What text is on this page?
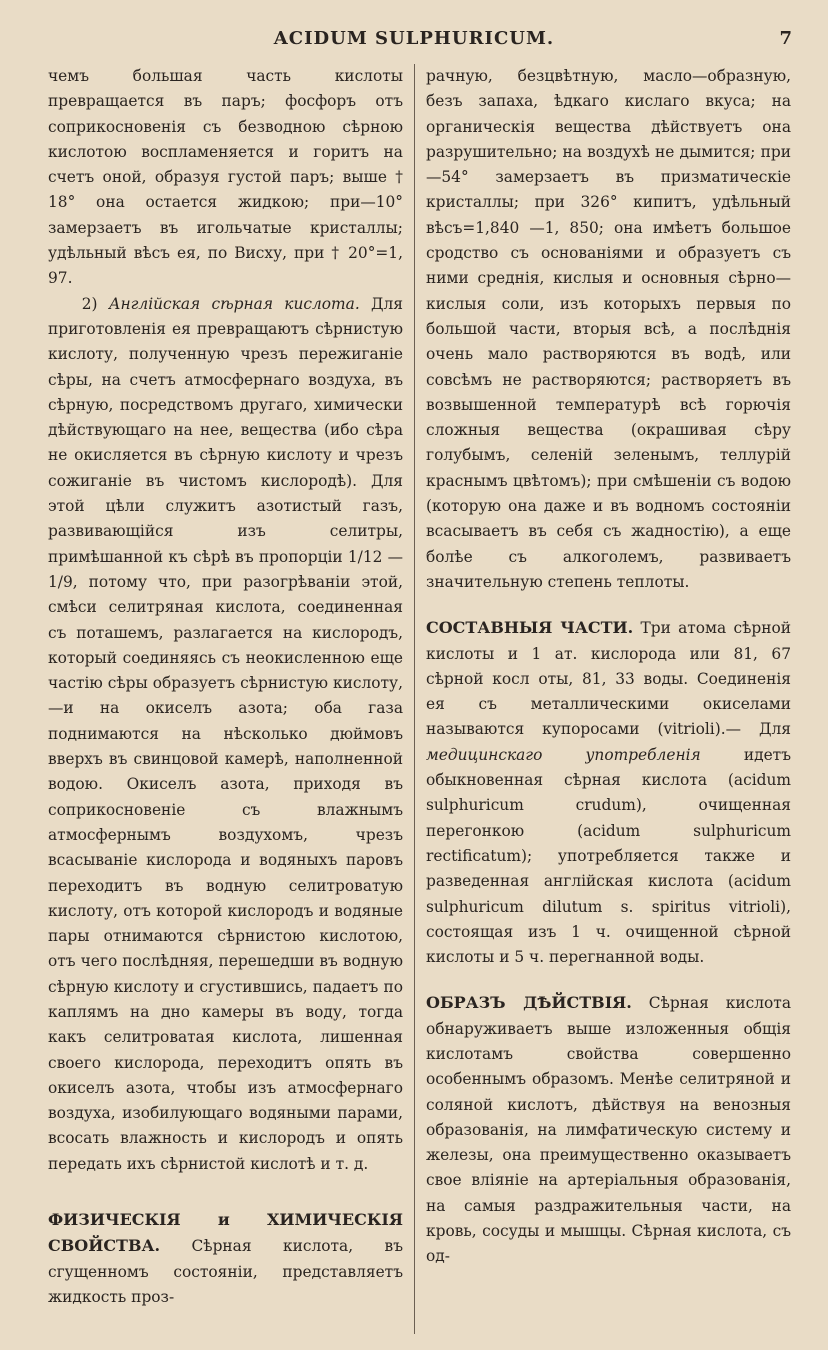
ACIDUM SULPHURICUM.	7

чемъ большая часть кислоты превращается въ паръ; фосфоръ отъ соприкосновенія съ безводною сѣрною кислотою воспламеняется и горитъ на счетъ оной, образуя густой паръ; выше † 18° она остается жидкою; при—10° замерзаетъ въ игольчатые кристаллы; удѣльный вѣсъ ея, по Висху, при † 20°=1, 97.

2) Англійская сѣрная кислота. Для приготовленія ея превращаютъ сѣрнистую кислоту, полученную чрезъ пережиганіе сѣры, на счетъ атмосфернаго воздуха, въ сѣрную, посредствомъ другаго, химически дѣйствующаго на нее, вещества (ибо сѣра не окисляется въ сѣрную кислоту и чрезъ сожиганіе въ чистомъ кислородѣ). Для этой цѣли служитъ азотистый газъ, развивающійся изъ селитры, примѣшанной къ сѣрѣ въ пропорціи 1/12 — 1/9, потому что, при разогрѣваніи этой, смѣси селитряная кислота, соединенная съ поташемъ, разлагается на кислородъ, который соединяясь съ неокисленною еще частію сѣры образуетъ сѣрнистую кислоту,—и на окиселъ азота; оба газа поднимаются на нѣсколько дюймовъ вверхъ въ свинцовой камерѣ, наполненной водою. Окиселъ азота, приходя въ соприкосновеніе съ влажнымъ атмосфернымъ воздухомъ, чрезъ всасываніе кислорода и водяныхъ паровъ переходитъ въ водную селитроватую кислоту, отъ которой кислородъ и водяные пары отнимаются сѣрнистою кислотою, отъ чего послѣдняя, перешедши въ водную сѣрную кислоту и сгустившись, падаетъ по каплямъ на дно камеры въ воду, тогда какъ селитроватая кислота, лишенная своего кислорода, переходитъ опять въ окиселъ азота, чтобы изъ атмосфернаго воздуха, изобилующаго водяными парами, всосать влажность и кислородъ и опять передать ихъ сѣрнистой кислотѣ и т. д.

ФИЗИЧЕСКІЯ и ХИМИЧЕСКІЯ СВОЙСТВА. Сѣрная кислота, въ сгущенномъ состояніи, представляетъ жидкость проз-

рачную, безцвѣтную, масло—образную, безъ запаха, ѣдкаго кислаго вкуса; на органическія вещества дѣйствуетъ она разрушительно; на воздухѣ не дымится; при—54° замерзаетъ въ призматическіе кристаллы; при 326° кипитъ, удѣльный вѣсъ=1,840 —1, 850; она имѣетъ большое сродство съ основаніями и образуетъ съ ними среднія, кислыя и основныя сѣрно—кислыя соли, изъ которыхъ первыя по большой части, вторыя всѣ, а послѣднія очень мало растворяются въ водѣ, или совсѣмъ не растворяются; растворяетъ въ возвышенной температурѣ всѣ горючія сложныя вещества (окрашивая сѣру голубымъ, селеній зеленымъ, теллурій краснымъ цвѣтомъ); при смѣшеніи съ водою (которую она даже и въ водномъ состояніи всасываетъ въ себя съ жадностію), а еще болѣе съ алкоголемъ, развиваетъ значительную степень теплоты.

СОСТАВНЫЯ ЧАСТИ. Три атома сѣрной кислоты и 1 ат. кислорода или 81, 67 сѣрной косл оты, 81, 33 воды. Соединенія ея съ металлическими окиселами называются купоросами (vitrioli).— Для медицинскаго употребленія	идетъ обыкновенная сѣрная кислота (acidum sulphuricum crudum), очищенная перегонкою (acidum sulphuricum rectificatum); употребляется также и разведенная англійская кислота (acidum sulphuricum dilutum s. spiritus vitrioli), состоящая изъ 1 ч. очищенной сѣрной кислоты и 5 ч. перегнанной воды.

ОБРАЗЪ ДѢЙСТВІЯ. Сѣрная кислота обнаруживаетъ выше изложенныя общія кислотамъ свойства совершенно особеннымъ образомъ. Менѣе селитряной и соляной кислотъ, дѣйствуя на венозныя образованія, на лимфатическую систему и железы, она преимущественно оказываетъ свое вліяніе на артеріальныя образованія, на самыя раздражительныя части, на кровь, сосуды и мышцы. Сѣрная кислота, съ од-
